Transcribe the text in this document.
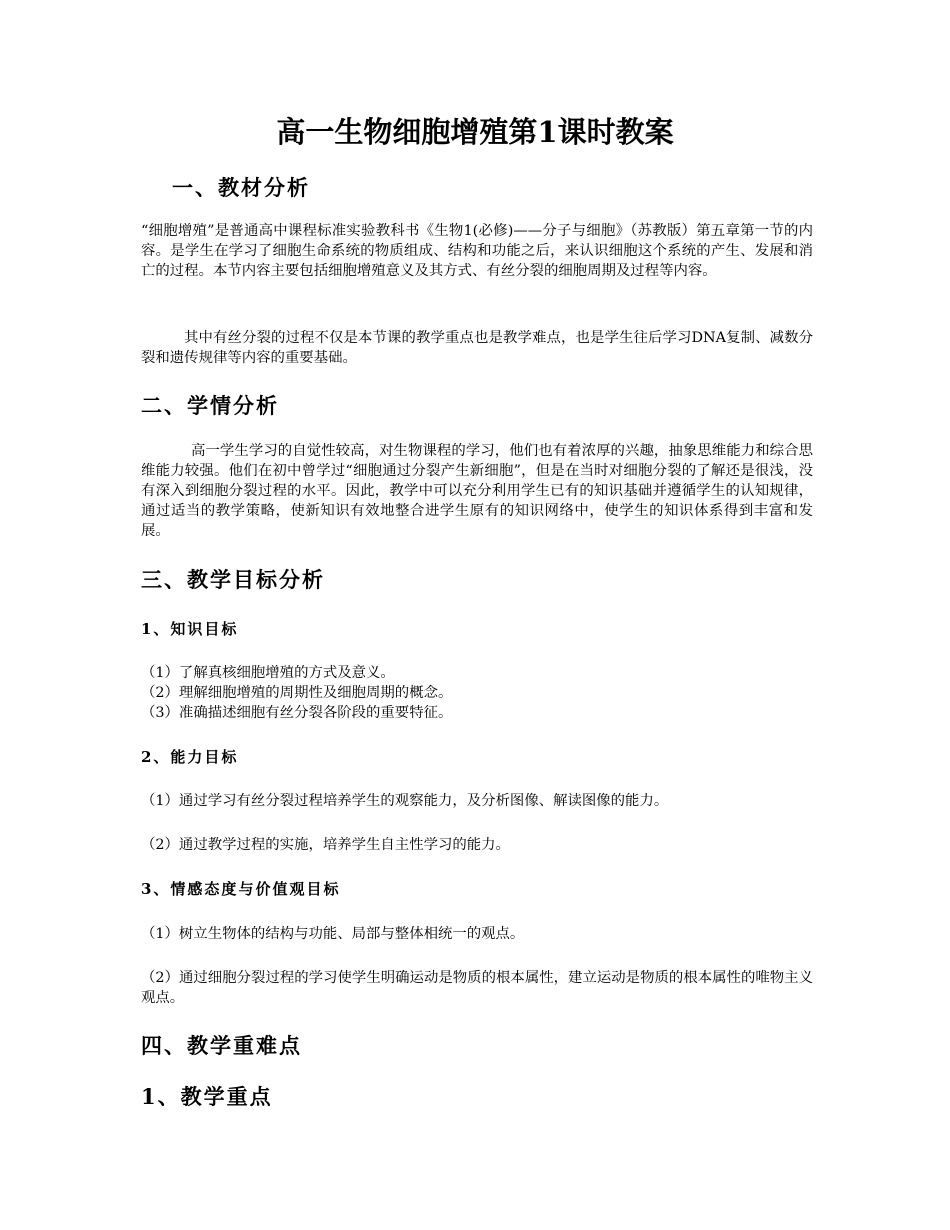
高一生物细胞增殖第1课时教案
一、教材分析

“细胞增殖”是普通高中课程标准实验教科书《生物1(必修)——分子与细胞》（苏教版）第五章第一节的内容。是学生在学习了细胞生命系统的物质组成、结构和功能之后，来认识细胞这个系统的产生、发展和消亡的过程。本节内容主要包括细胞增殖意义及其方式、有丝分裂的细胞周期及过程等内容。

其中有丝分裂的过程不仅是本节课的教学重点也是教学难点，也是学生往后学习DNA复制、减数分裂和遗传规律等内容的重要基础。

二、学情分析

高一学生学习的自觉性较高，对生物课程的学习，他们也有着浓厚的兴趣，抽象思维能力和综合思维能力较强。他们在初中曾学过“细胞通过分裂产生新细胞”，但是在当时对细胞分裂的了解还是很浅，没有深入到细胞分裂过程的水平。因此，教学中可以充分利用学生已有的知识基础并遵循学生的认知规律，通过适当的教学策略，使新知识有效地整合进学生原有的知识网络中，使学生的知识体系得到丰富和发展。

三、教学目标分析
1、知识目标
（1）了解真核细胞增殖的方式及意义。
（2）理解细胞增殖的周期性及细胞周期的概念。
（3）准确描述细胞有丝分裂各阶段的重要特征。
2、能力目标
（1）通过学习有丝分裂过程培养学生的观察能力，及分析图像、解读图像的能力。
（2）通过教学过程的实施，培养学生自主性学习的能力。
3、情感态度与价值观目标
（1）树立生物体的结构与功能、局部与整体相统一的观点。

（2）通过细胞分裂过程的学习使学生明确运动是物质的根本属性，建立运动是物质的根本属性的唯物主义观点。

四、教学重难点
1、教学重点
